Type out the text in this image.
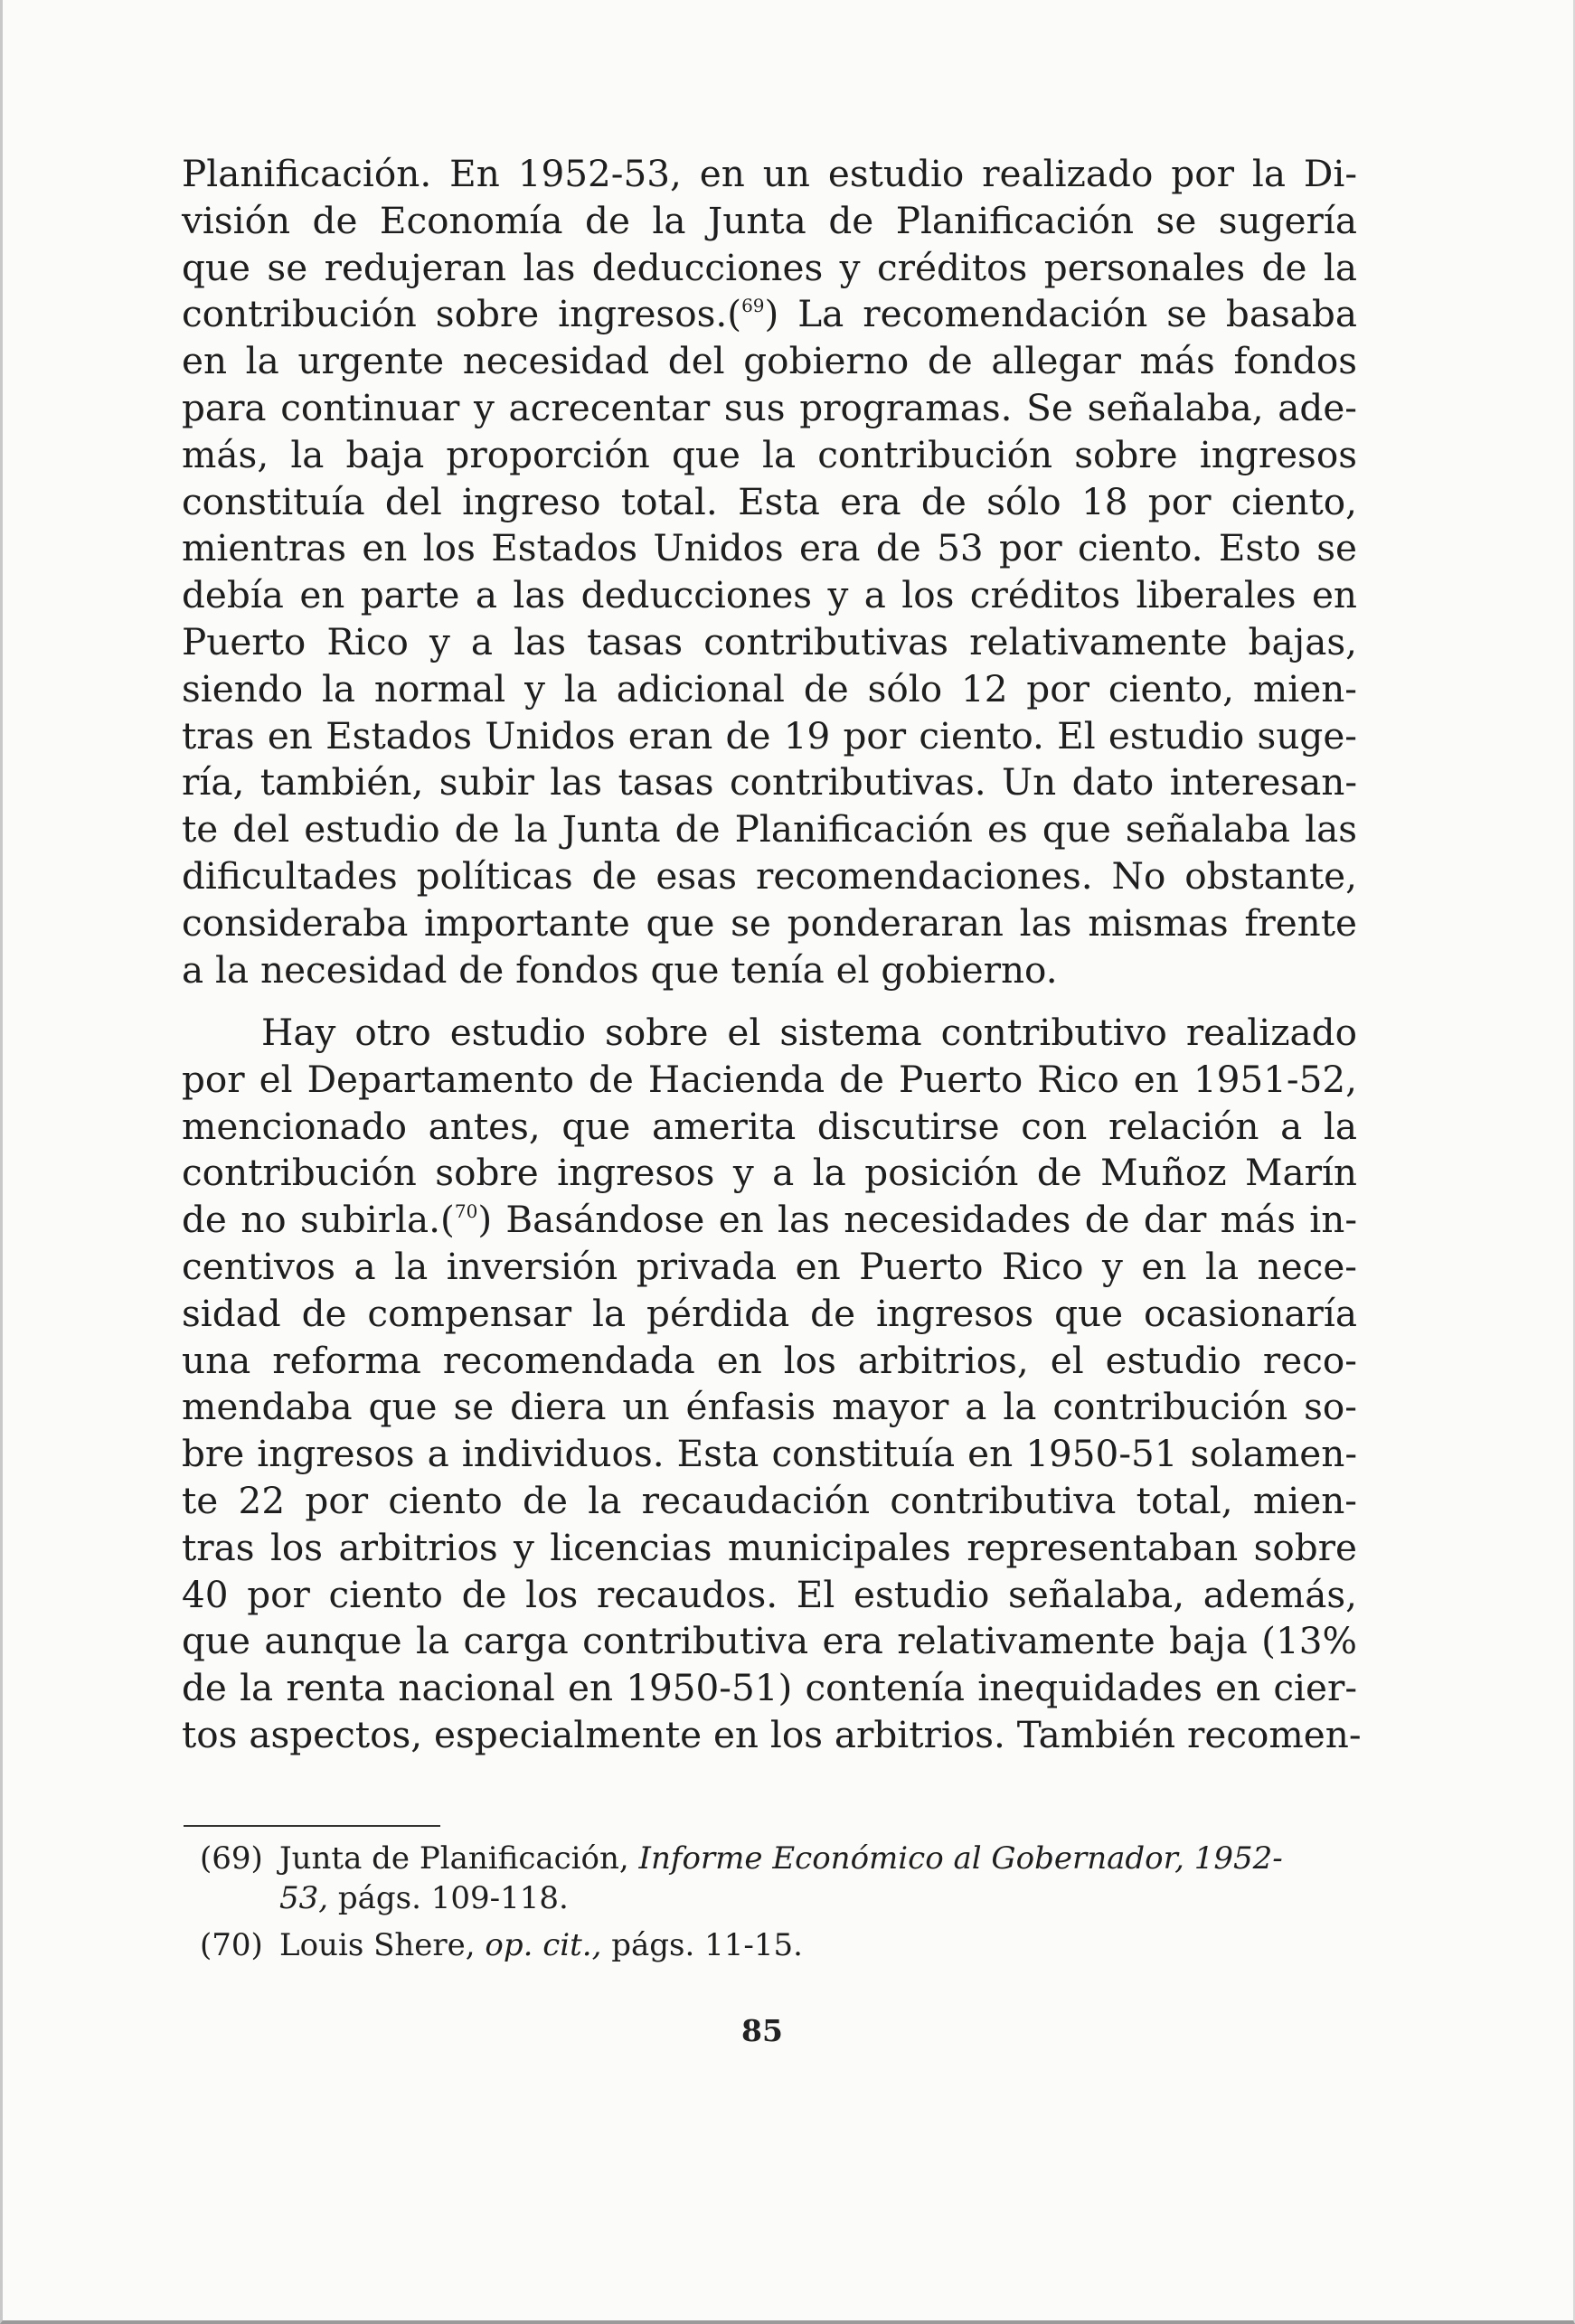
Planificación. En 1952-53, en un estudio realizado por la Di-
visión de Economía de la Junta de Planificación se sugería
que se redujeran las deducciones y créditos personales de la
contribución sobre ingresos.($^{69}$) La recomendación se basaba
en la urgente necesidad del gobierno de allegar más fondos
para continuar y acrecentar sus programas. Se señalaba, ade-
más, la baja proporción que la contribución sobre ingresos
constituía del ingreso total. Esta era de sólo 18 por ciento,
mientras en los Estados Unidos era de 53 por ciento. Esto se
debía en parte a las deducciones y a los créditos liberales en
Puerto Rico y a las tasas contributivas relativamente bajas,
siendo la normal y la adicional de sólo 12 por ciento, mien-
tras en Estados Unidos eran de 19 por ciento. El estudio suge-
ría, también, subir las tasas contributivas. Un dato interesan-
te del estudio de la Junta de Planificación es que señalaba las
dificultades políticas de esas recomendaciones. No obstante,
consideraba importante que se ponderaran las mismas frente
a la necesidad de fondos que tenía el gobierno.
Hay otro estudio sobre el sistema contributivo realizado
por el Departamento de Hacienda de Puerto Rico en 1951-52,
mencionado antes, que amerita discutirse con relación a la
contribución sobre ingresos y a la posición de Muñoz Marín
de no subirla.($^{70}$) Basándose en las necesidades de dar más in-
centivos a la inversión privada en Puerto Rico y en la nece-
sidad de compensar la pérdida de ingresos que ocasionaría
una reforma recomendada en los arbitrios, el estudio reco-
mendaba que se diera un énfasis mayor a la contribución so-
bre ingresos a individuos. Esta constituía en 1950-51 solamen-
te 22 por ciento de la recaudación contributiva total, mien-
tras los arbitrios y licencias municipales representaban sobre
40 por ciento de los recaudos. El estudio señalaba, además,
que aunque la carga contributiva era relativamente baja (13%
de la renta nacional en 1950-51) contenía inequidades en cier-
tos aspectos, especialmente en los arbitrios. También recomen-
(69) Junta de Planificación, Informe Económico al Gobernador, 1952-
53, págs. 109-118.
(70) Louis Shere, op. cit., págs. 11-15.
85
